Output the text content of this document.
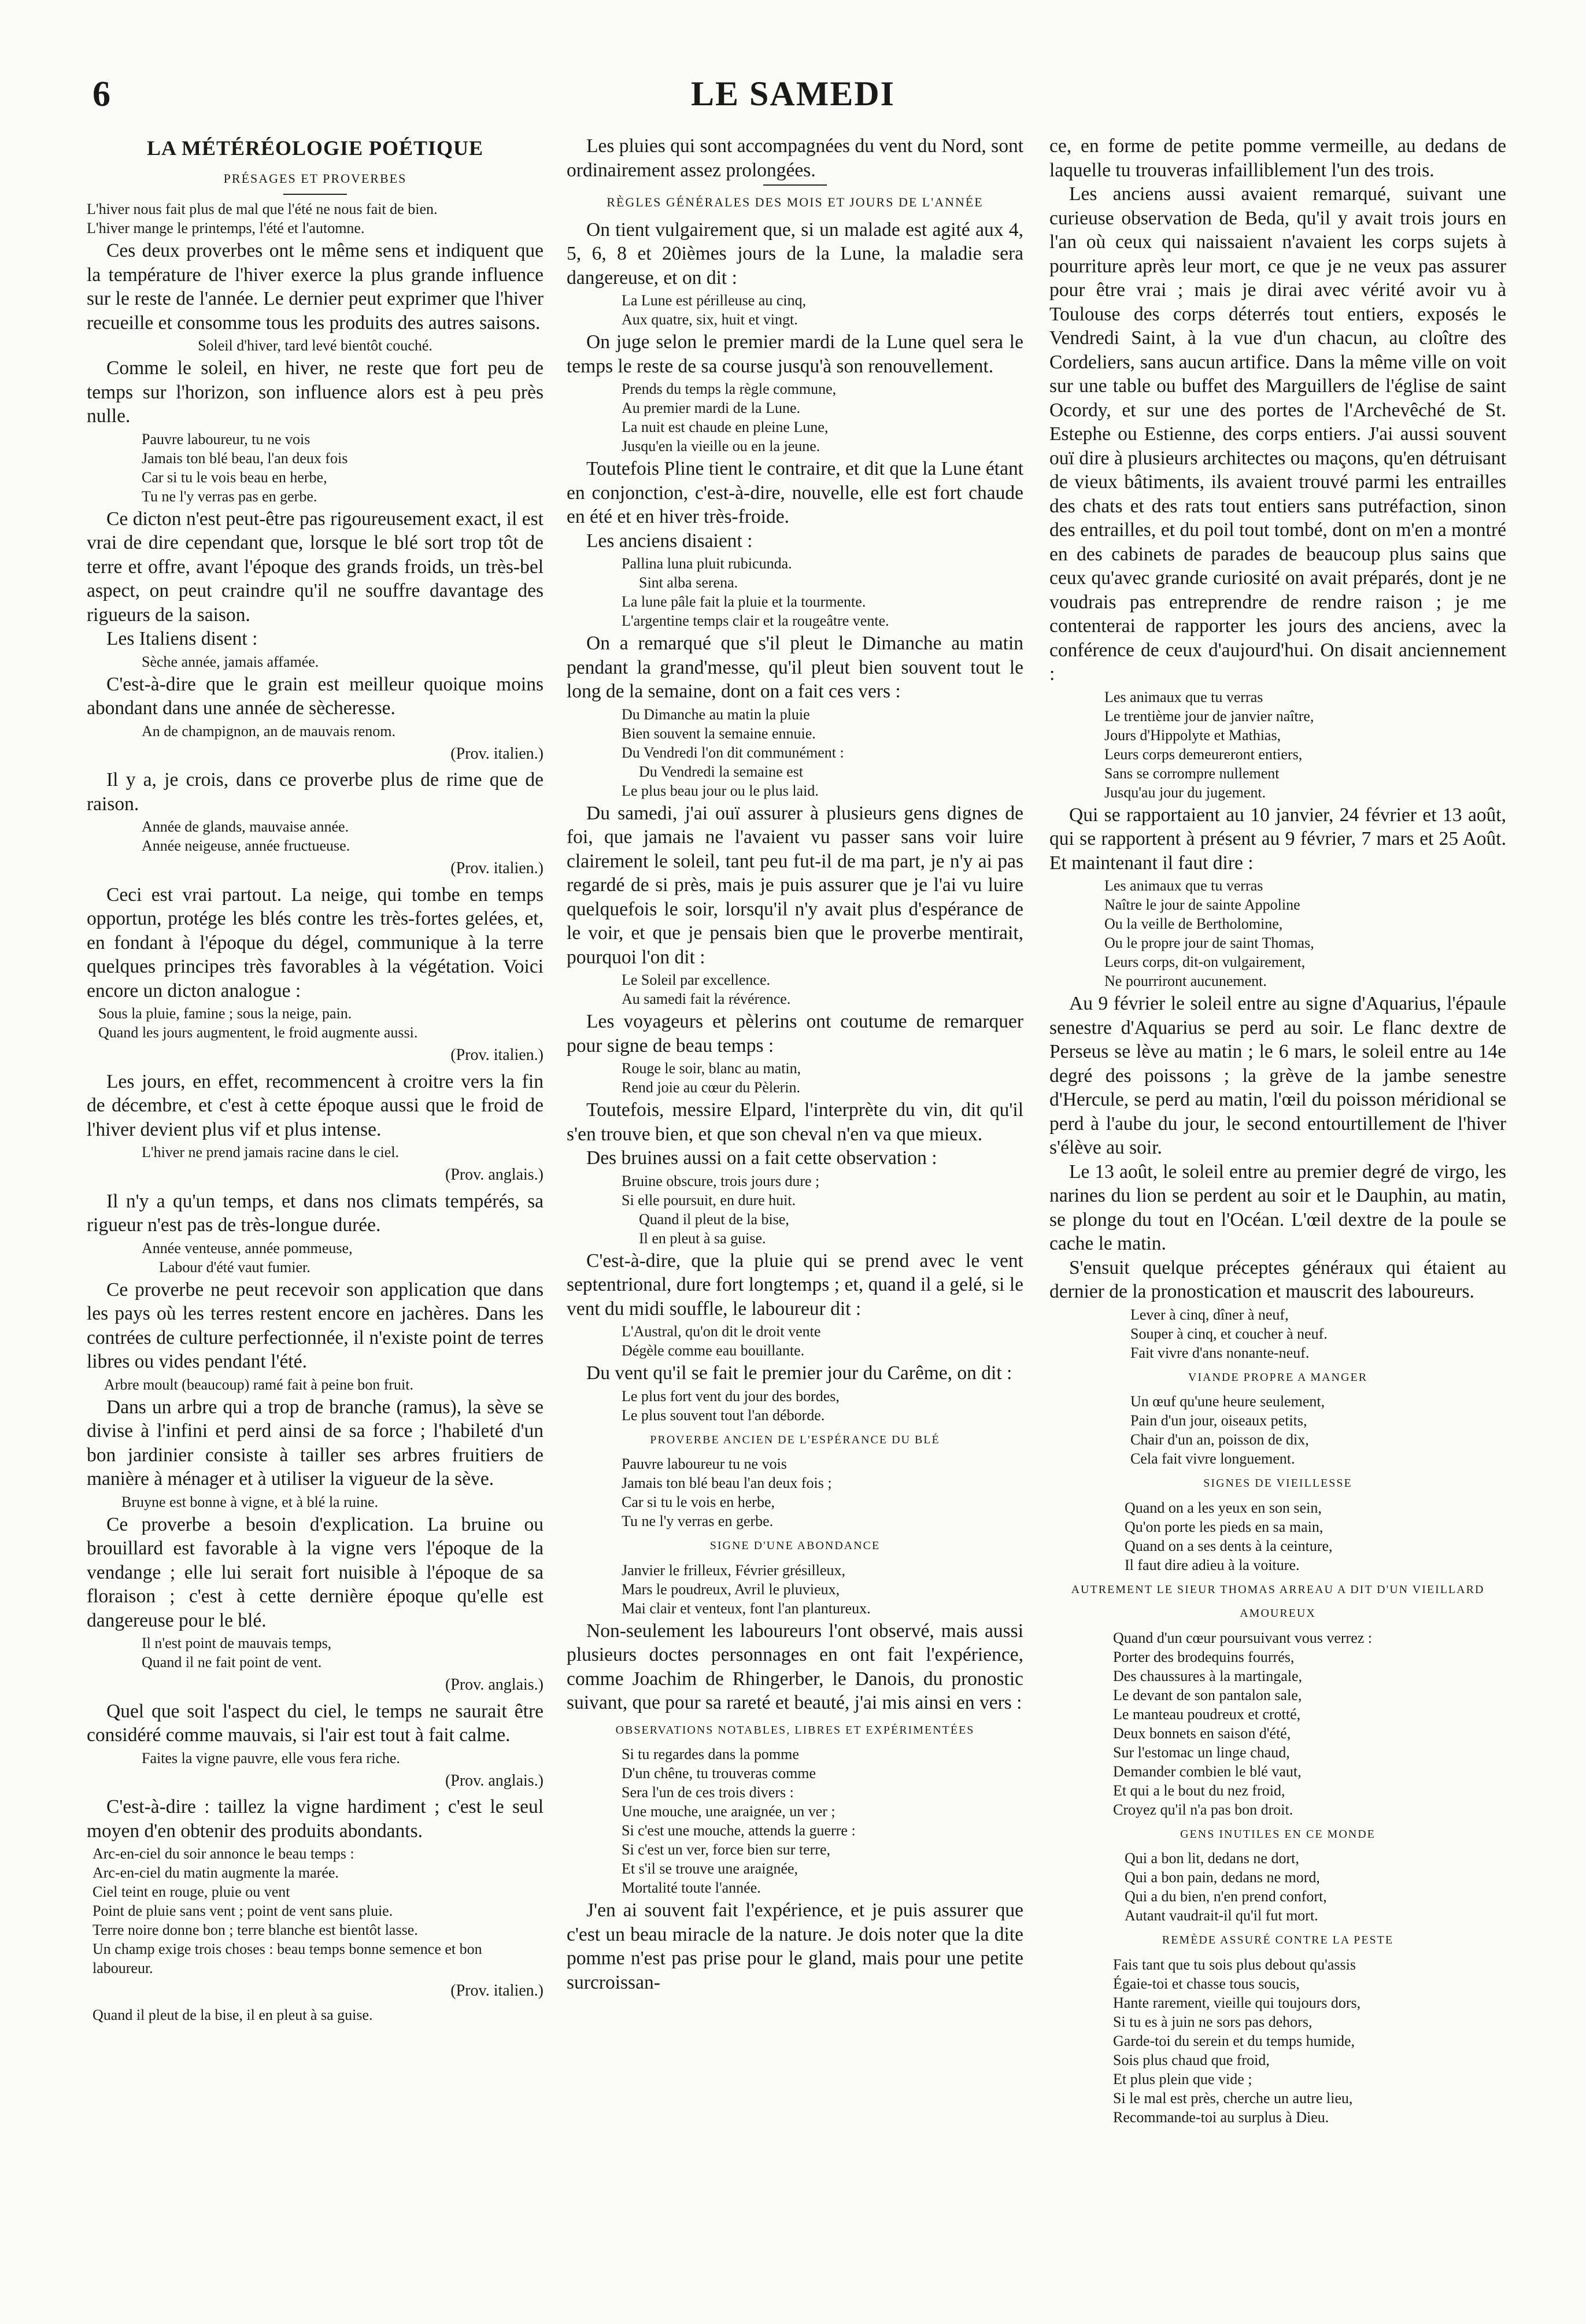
6	LE SAMEDI
LA MÉTÉRÉOLOGIE POÉTIQUE
PRÉSAGES ET PROVERBES
L'hiver nous fait plus de mal que l'été ne nous fait de bien.
L'hiver mange le printemps, l'été et l'automne.

Ces deux proverbes ont le même sens et indiquent que la température de l'hiver exerce la plus grande influence sur le reste de l'année. Le dernier peut exprimer que l'hiver recueille et consomme tous les produits des autres saisons.

Soleil d'hiver, tard levé bientôt couché.

Comme le soleil, en hiver, ne reste que fort peu de temps sur l'horizon, son influence alors est à peu près nulle.

Pauvre laboureur, tu ne vois
Jamais ton blé beau, l'an deux fois
Car si tu le vois beau en herbe,
Tu ne l'y verras pas en gerbe.

Ce dicton n'est peut-être pas rigoureusement exact, il est vrai de dire cependant que, lorsque le blé sort trop tôt de terre et offre, avant l'époque des grands froids, un très-bel aspect, on peut craindre qu'il ne souffre davantage des rigueurs de la saison.

Les Italiens disent :

Sèche année, jamais affamée.

C'est-à-dire que le grain est meilleur quoique moins abondant dans une année de sècheresse.

An de champignon, an de mauvais renom.
(Prov. italien.)

Il y a, je crois, dans ce proverbe plus de rime que de raison.

Année de glands, mauvaise année.
Année neigeuse, année fructueuse.
(Prov. italien.)

Ceci est vrai partout. La neige, qui tombe en temps opportun, protége les blés contre les très-fortes gelées, et, en fondant à l'époque du dégel, communique à la terre quelques principes très favorables à la végétation. Voici encore un dicton analogue :

Sous la pluie, famine ; sous la neige, pain.
Quand les jours augmentent, le froid augmente aussi.
(Prov. italien.)

Les jours, en effet, recommencent à croitre vers la fin de décembre, et c'est à cette époque aussi que le froid de l'hiver devient plus vif et plus intense.

L'hiver ne prend jamais racine dans le ciel.
(Prov. anglais.)

Il n'y a qu'un temps, et dans nos climats tempérés, sa rigueur n'est pas de très-longue durée.

Année venteuse, année pommeuse,
Labour d'été vaut fumier.

Ce proverbe ne peut recevoir son application que dans les pays où les terres restent encore en jachères. Dans les contrées de culture perfectionnée, il n'existe point de terres libres ou vides pendant l'été.

Arbre moult (beaucoup) ramé fait à peine bon fruit.

Dans un arbre qui a trop de branche (ramus), la sève se divise à l'infini et perd ainsi de sa force ; l'habileté d'un bon jardinier consiste à tailler ses arbres fruitiers de manière à ménager et à utiliser la vigueur de la sève.

Bruyne est bonne à vigne, et à blé la ruine.

Ce proverbe a besoin d'explication. La bruine ou brouillard est favorable à la vigne vers l'époque de la vendange ; elle lui serait fort nuisible à l'époque de sa floraison ; c'est à cette dernière époque qu'elle est dangereuse pour le blé.

Il n'est point de mauvais temps,
Quand il ne fait point de vent.
(Prov. anglais.)

Quel que soit l'aspect du ciel, le temps ne saurait être considéré comme mauvais, si l'air est tout à fait calme.

Faites la vigne pauvre, elle vous fera riche.
(Prov. anglais.)

C'est-à-dire : taillez la vigne hardiment ; c'est le seul moyen d'en obtenir des produits abondants.

Arc-en-ciel du soir annonce le beau temps :
Arc-en-ciel du matin augmente la marée.
Ciel teint en rouge, pluie ou vent
Point de pluie sans vent ; point de vent sans pluie.
Terre noire donne bon ; terre blanche est bientôt lasse.
Un champ exige trois choses : beau temps bonne semence et bon laboureur.
(Prov. italien.)
Quand il pleut de la bise, il en pleut à sa guise.

Les pluies qui sont accompagnées du vent du Nord, sont ordinairement assez prolongées.

RÈGLES GÉNÉRALES DES MOIS ET JOURS DE L'ANNÉE

On tient vulgairement que, si un malade est agité aux 4, 5, 6, 8 et 20ièmes jours de la Lune, la maladie sera dangereuse, et on dit :

La Lune est périlleuse au cinq,
Aux quatre, six, huit et vingt.

On juge selon le premier mardi de la Lune quel sera le temps le reste de sa course jusqu'à son renouvellement.

Prends du temps la règle commune,
Au premier mardi de la Lune.
La nuit est chaude en pleine Lune,
Jusqu'en la vieille ou en la jeune.

Toutefois Pline tient le contraire, et dit que la Lune étant en conjonction, c'est-à-dire, nouvelle, elle est fort chaude en été et en hiver très-froide.

Les anciens disaient :

Pallina luna pluit rubicunda.
Sint alba serena.
La lune pâle fait la pluie et la tourmente.
L'argentine temps clair et la rougeâtre vente.

On a remarqué que s'il pleut le Dimanche au matin pendant la grand'messe, qu'il pleut bien souvent tout le long de la semaine, dont on a fait ces vers :

Du Dimanche au matin la pluie
Bien souvent la semaine ennuie.
Du Vendredi l'on dit communément :
Du Vendredi la semaine est
Le plus beau jour ou le plus laid.

Du samedi, j'ai ouï assurer à plusieurs gens dignes de foi, que jamais ne l'avaient vu passer sans voir luire clairement le soleil, tant peu fut-il de ma part, je n'y ai pas regardé de si près, mais je puis assurer que je l'ai vu luire quelquefois le soir, lorsqu'il n'y avait plus d'espérance de le voir, et que je pensais bien que le proverbe mentirait, pourquoi l'on dit :

Le Soleil par excellence.
Au samedi fait la révérence.

Les voyageurs et pèlerins ont coutume de remarquer pour signe de beau temps :

Rouge le soir, blanc au matin,
Rend joie au cœur du Pèlerin.

Toutefois, messire Elpard, l'interprète du vin, dit qu'il s'en trouve bien, et que son cheval n'en va que mieux.

Des bruines aussi on a fait cette observation :

Bruine obscure, trois jours dure ;
Si elle poursuit, en dure huit.
Quand il pleut de la bise,
Il en pleut à sa guise.

C'est-à-dire, que la pluie qui se prend avec le vent septentrional, dure fort longtemps ; et, quand il a gelé, si le vent du midi souffle, le laboureur dit :

L'Austral, qu'on dit le droit vente
Dégèle comme eau bouillante.

Du vent qu'il se fait le premier jour du Carême, on dit :

Le plus fort vent du jour des bordes,
Le plus souvent tout l'an déborde.
PROVERBE ANCIEN DE L'ESPÉRANCE DU BLÉ
Pauvre laboureur tu ne vois
Jamais ton blé beau l'an deux fois ;
Car si tu le vois en herbe,
Tu ne l'y verras en gerbe.
SIGNE D'UNE ABONDANCE
Janvier le frilleux, Février grésilleux,
Mars le poudreux, Avril le pluvieux,
Mai clair et venteux, font l'an plantureux.

Non-seulement les laboureurs l'ont observé, mais aussi plusieurs doctes personnages en ont fait l'expérience, comme Joachim de Rhingerber, le Danois, du pronostic suivant, que pour sa rareté et beauté, j'ai mis ainsi en vers :

OBSERVATIONS NOTABLES, LIBRES ET EXPÉRIMENTÉES
Si tu regardes dans la pomme
D'un chêne, tu trouveras comme
Sera l'un de ces trois divers :
Une mouche, une araignée, un ver ;
Si c'est une mouche, attends la guerre :
Si c'est un ver, force bien sur terre,
Et s'il se trouve une araignée,
Mortalité toute l'année.

J'en ai souvent fait l'expérience, et je puis assurer que c'est un beau miracle de la nature. Je dois noter que la dite pomme n'est pas prise pour le gland, mais pour une petite surcroissan-

ce, en forme de petite pomme vermeille, au dedans de laquelle tu trouveras infailliblement l'un des trois.

Les anciens aussi avaient remarqué, suivant une curieuse observation de Beda, qu'il y avait trois jours en l'an où ceux qui naissaient n'avaient les corps sujets à pourriture après leur mort, ce que je ne veux pas assurer pour être vrai ; mais je dirai avec vérité avoir vu à Toulouse des corps déterrés tout entiers, exposés le Vendredi Saint, à la vue d'un chacun, au cloître des Cordeliers, sans aucun artifice. Dans la même ville on voit sur une table ou buffet des Marguillers de l'église de saint Ocordy, et sur une des portes de l'Archevêché de St. Estephe ou Estienne, des corps entiers. J'ai aussi souvent ouï dire à plusieurs architectes ou maçons, qu'en détruisant de vieux bâtiments, ils avaient trouvé parmi les entrailles des chats et des rats tout entiers sans putréfaction, sinon des entrailles, et du poil tout tombé, dont on m'en a montré en des cabinets de parades de beaucoup plus sains que ceux qu'avec grande curiosité on avait préparés, dont je ne voudrais pas entreprendre de rendre raison ; je me contenterai de rapporter les jours des anciens, avec la conférence de ceux d'aujourd'hui. On disait anciennement :

Les animaux que tu verras
Le trentième jour de janvier naître,
Jours d'Hippolyte et Mathias,
Leurs corps demeureront entiers,
Sans se corrompre nullement
Jusqu'au jour du jugement.

Qui se rapportaient au 10 janvier, 24 février et 13 août, qui se rapportent à présent au 9 février, 7 mars et 25 Août. Et maintenant il faut dire :

Les animaux que tu verras
Naître le jour de sainte Appoline
Ou la veille de Bertholomine,
Ou le propre jour de saint Thomas,
Leurs corps, dit-on vulgairement,
Ne pourriront aucunement.

Au 9 février le soleil entre au signe d'Aquarius, l'épaule senestre d'Aquarius se perd au soir. Le flanc dextre de Perseus se lève au matin ; le 6 mars, le soleil entre au 14e degré des poissons ; la grève de la jambe senestre d'Hercule, se perd au matin, l'œil du poisson méridional se perd à l'aube du jour, le second entourtillement de l'hiver s'élève au soir.

Le 13 août, le soleil entre au premier degré de virgo, les narines du lion se perdent au soir et le Dauphin, au matin, se plonge du tout en l'Océan. L'œil dextre de la poule se cache le matin.

S'ensuit quelque préceptes généraux qui étaient au dernier de la pronostication et mauscrit des laboureurs.

Lever à cinq, dîner à neuf,
Souper à cinq, et coucher à neuf.
Fait vivre d'ans nonante-neuf.
VIANDE PROPRE A MANGER
Un œuf qu'une heure seulement,
Pain d'un jour, oiseaux petits,
Chair d'un an, poisson de dix,
Cela fait vivre longuement.
SIGNES DE VIEILLESSE
Quand on a les yeux en son sein,
Qu'on porte les pieds en sa main,
Quand on a ses dents à la ceinture,
Il faut dire adieu à la voiture.
AUTREMENT LE SIEUR THOMAS ARREAU A DIT D'UN VIEILLARD AMOUREUX
Quand d'un cœur poursuivant vous verrez :
Porter des brodequins fourrés,
Des chaussures à la martingale,
Le devant de son pantalon sale,
Le manteau poudreux et crotté,
Deux bonnets en saison d'été,
Sur l'estomac un linge chaud,
Demander combien le blé vaut,
Et qui a le bout du nez froid,
Croyez qu'il n'a pas bon droit.
GENS INUTILES EN CE MONDE
Qui a bon lit, dedans ne dort,
Qui a bon pain, dedans ne mord,
Qui a du bien, n'en prend confort,
Autant vaudrait-il qu'il fut mort.
REMÈDE ASSURÉ CONTRE LA PESTE
Fais tant que tu sois plus debout qu'assis
Égaie-toi et chasse tous soucis,
Hante rarement, vieille qui toujours dors,
Si tu es à juin ne sors pas dehors,
Garde-toi du serein et du temps humide,
Sois plus chaud que froid,
Et plus plein que vide ;
Si le mal est près, cherche un autre lieu,
Recommande-toi au surplus à Dieu.
